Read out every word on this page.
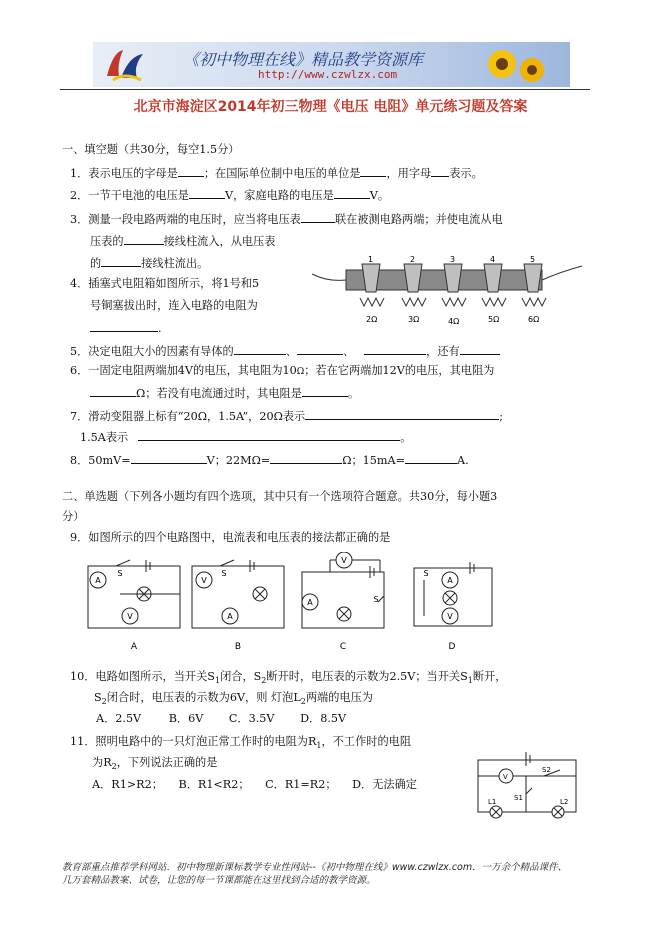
《初中物理在线》精品教学资源库
http://www.czwlzx.com
北京市海淀区2014年初三物理《电压 电阻》单元练习题及答案
一、填空题（共30分，每空1.5分）
1．表示电压的字母是 ；在国际单位制中电压的单位是 ，用字母 表示。
2．一节干电池的电压是	V，家庭电路的电压是	V。
3．测量一段电路两端的电压时，应当将电压表	联在被测电路两端；并使电流从电
压表的	接线柱流入，从电压表
的	接线柱流出。
4．插塞式电阻箱如图所示，将1号和5
号铜塞拔出时，连入电路的电阻为
.
1	2	3	4	5
2Ω	3Ω	4Ω	5Ω	6Ω
5．决定电阻大小的因素有导体的	、	、	，还有
6．一固定电阻两端加4V的电压，其电阻为10Ω；若在它两端加12V的电压，其电阻为
Ω；若没有电流通过时，其电阻是	。
7．滑动变阻器上标有“20Ω，1.5A”，20Ω表示	;
1.5A表示	。
8．50mV=	V；22MΩ=	Ω；15mA=	A.
二、单选题（下列各小题均有四个选项，其中只有一个选项符合题意。共30分，每小题3
分）
9．如图所示的四个电路图中，电流表和电压表的接法都正确的是
A
V
V
A
V
A
A
V
S	S
S
S
A	B	C	D
10．电路如图所示，当开关$S_1$闭合，$S_2$断开时，电压表的示数为2.5V；当开关$S_1$断开，
$S_2$闭合时，电压表的示数为6V，则 灯泡$L_2$两端的电压为
A．2.5V B．6V C．3.5V D．8.5V
11．照明电路中的一只灯泡正常工作时的电阻为$R_1$，不工作时的电阻
为$R_2$，下列说法正确的是
A．R1>R2； B．R1<R2； C．R1=R2； D．无法确定
V
S2
S1
L1	L2
教育部重点推荐学科网站．初中物理新课标教学专业性网站--《初中物理在线》www.czwlzx.com．一万余个精品课件、
几万套精品教案、试卷，让您的每一节课都能在这里找到合适的教学资源。
